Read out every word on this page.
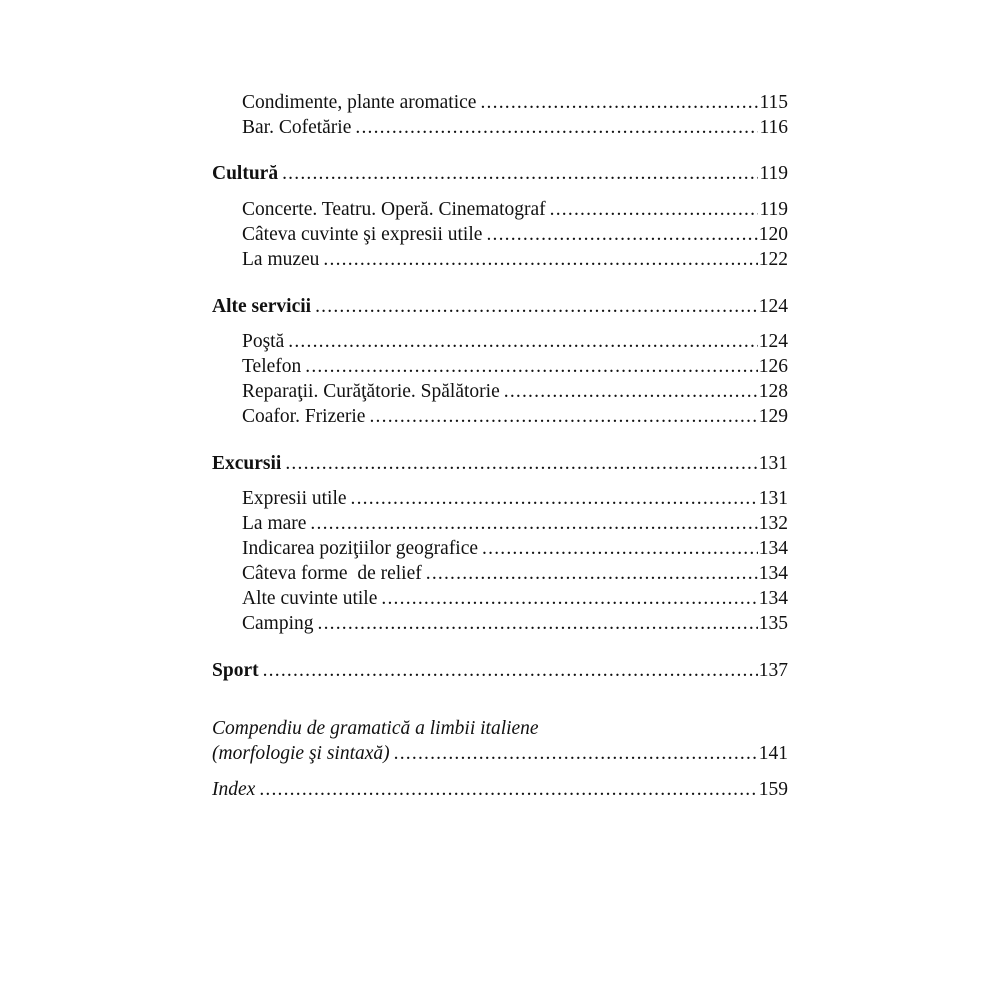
Condimente, plante aromatice .....	115
Bar. Cofetărie .....	116
Cultură .....	119
Concerte. Teatru. Operă. Cinematograf .....	119
Câteva cuvinte şi expresii utile .....	120
La muzeu .....	122
Alte servicii .....	124
Poştă .....	124
Telefon .....	126
Reparaţii. Curăţătorie. Spălătorie .....	128
Coafor. Frizerie .....	129
Excursii .....	131
Expresii utile .....	131
La mare .....	132
Indicarea poziţiilor geografice .....	134
Câteva forme  de relief .....	134
Alte cuvinte utile .....	134
Camping .....	135
Sport .....	137
Compendiu de gramatică a limbii italiene
(morfologie şi sintaxă) .....	141
Index .....	159
